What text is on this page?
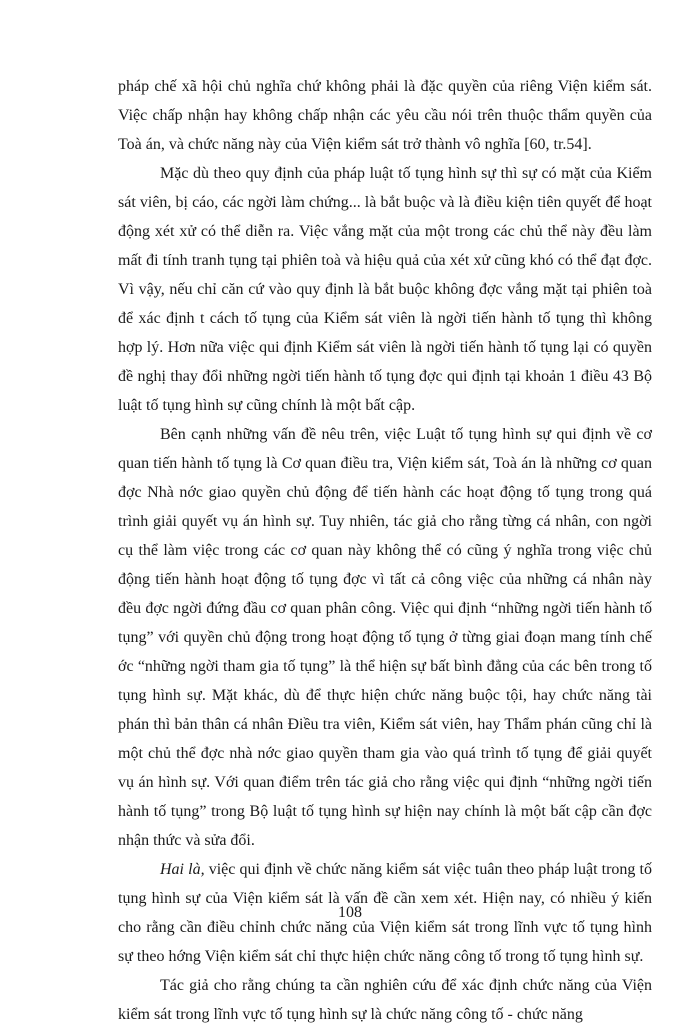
pháp chế xã hội chủ nghĩa chứ không phải là đặc quyền của riêng Viện kiểm sát. Việc chấp nhận hay không chấp nhận các yêu cầu nói trên thuộc thẩm quyền của Toà án, và chức năng này của Viện kiểm sát trở thành vô nghĩa [60, tr.54].

Mặc dù theo quy định của pháp luật tố tụng hình sự thì sự có mặt của Kiểm sát viên, bị cáo, các ngời làm chứng... là bắt buộc và là điều kiện tiên quyết để hoạt động xét xử có thể diễn ra. Việc vắng mặt của một trong các chủ thể này đều làm mất đi tính tranh tụng tại phiên toà và hiệu quả của xét xử cũng khó có thể đạt đợc. Vì vậy, nếu chỉ căn cứ vào quy định là bắt buộc không đợc vắng mặt tại phiên toà để xác định t cách tố tụng của Kiểm sát viên là ngời tiến hành tố tụng thì không hợp lý. Hơn nữa việc qui định Kiểm sát viên là ngời tiến hành tố tụng lại có quyền đề nghị thay đổi những ngời tiến hành tố tụng đợc qui định tại khoản 1 điều 43 Bộ luật tố tụng hình sự cũng chính là một bất cập.

Bên cạnh những vấn đề nêu trên, việc Luật tố tụng hình sự qui định về cơ quan tiến hành tố tụng là Cơ quan điều tra, Viện kiểm sát, Toà án là những cơ quan đợc Nhà nớc giao quyền chủ động để tiến hành các hoạt động tố tụng trong quá trình giải quyết vụ án hình sự. Tuy nhiên, tác giả cho rằng từng cá nhân, con ngời cụ thể làm việc trong các cơ quan này không thể có cũng ý nghĩa trong việc chủ động tiến hành hoạt động tố tụng đợc vì tất cả công việc của những cá nhân này đều đợc ngời đứng đầu cơ quan phân công. Việc qui định “những ngời tiến hành tố tụng” với quyền chủ động trong hoạt động tố tụng ở từng giai đoạn mang tính chế ớc “những ngời tham gia tố tụng” là thể hiện sự bất bình đẳng của các bên trong tố tụng hình sự. Mặt khác, dù để thực hiện chức năng buộc tội, hay chức năng tài phán thì bản thân cá nhân Điều tra viên, Kiểm sát viên, hay Thẩm phán cũng chỉ là một chủ thể đợc nhà nớc giao quyền tham gia vào quá trình tố tụng để giải quyết vụ án hình sự. Với quan điểm trên tác giả cho rằng việc qui định “những ngời tiến hành tố tụng” trong Bộ luật tố tụng hình sự hiện nay chính là một bất cập cần đợc nhận thức và sửa đổi.

Hai là, việc qui định về chức năng kiểm sát việc tuân theo pháp luật trong tố tụng hình sự của Viện kiểm sát là vấn đề cần xem xét. Hiện nay, có nhiều ý kiến cho rằng cần điều chỉnh chức năng của Viện kiểm sát trong lĩnh vực tố tụng hình sự theo hớng Viện kiểm sát chỉ thực hiện chức năng công tố trong tố tụng hình sự.

Tác giả cho rằng chúng ta cần nghiên cứu để xác định chức năng của Viện kiểm sát trong lĩnh vực tố tụng hình sự là chức năng công tố - chức năng

108
